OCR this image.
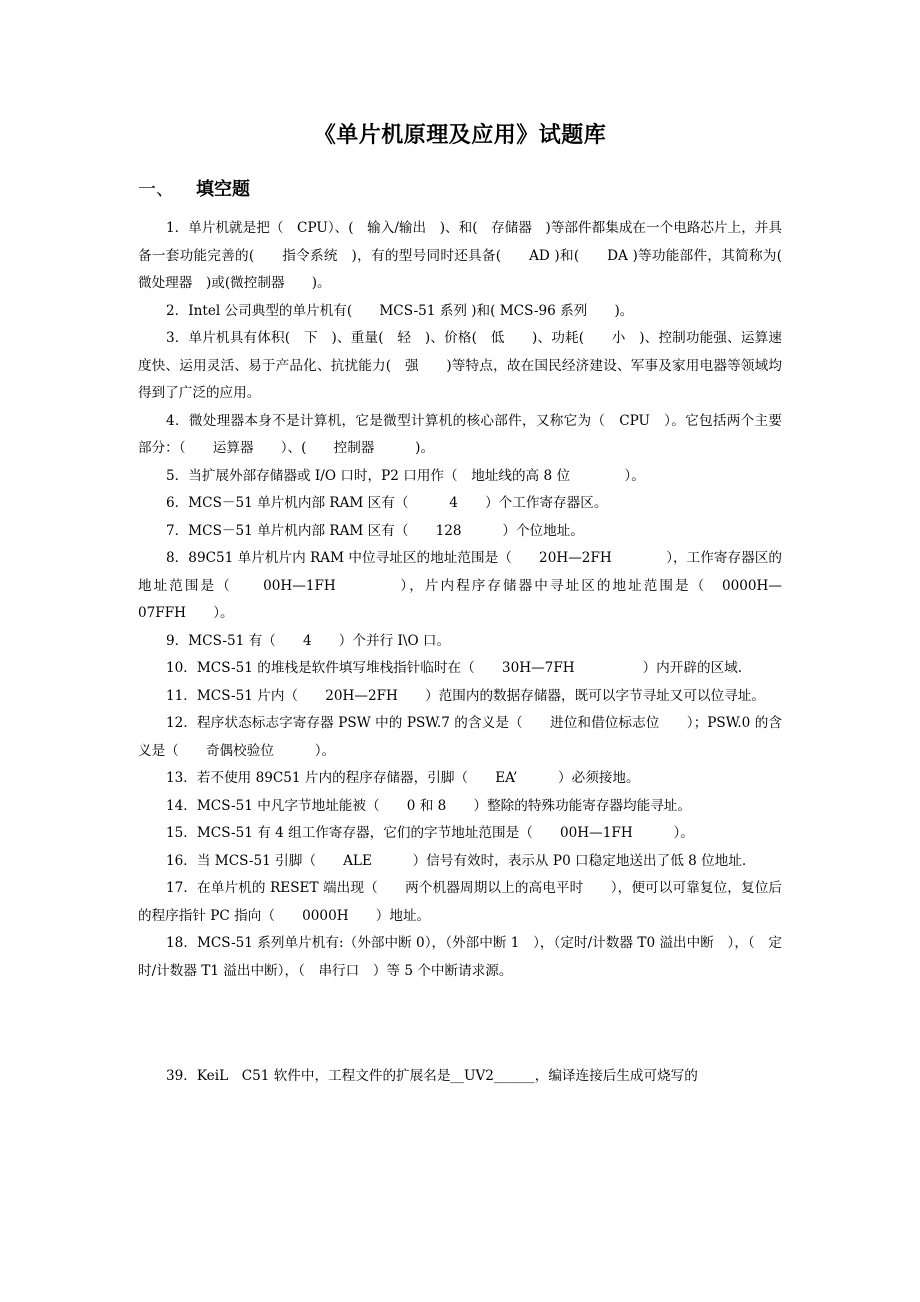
《单片机原理及应用》试题库
一、	填空题

1．单片机就是把（　CPU）、(　输入/输出　)、和(　存储器　)等部件都集成在一个电路芯片上，并具备一套功能完善的(　　指令系统　)，有的型号同时还具备(　　AD )和(　　DA )等功能部件，其简称为(　微处理器　)或(微控制器　　)。

2．Intel 公司典型的单片机有(　　MCS-51 系列 )和( MCS-96 系列　　)。

3．单片机具有体积(　下　)、重量(　轻　)、价格(　低　　)、功耗(　　小　)、控制功能强、运算速度快、运用灵活、易于产品化、抗扰能力(　强　　)等特点，故在国民经济建设、军事及家用电器等领域均得到了广泛的应用。

4．微处理器本身不是计算机，它是微型计算机的核心部件，又称它为（　CPU　）。它包括两个主要部分：（　　运算器　　）、(　　控制器　　　)。

5．当扩展外部存储器或 I/O 口时，P2 口用作（　地址线的高 8 位　　　　）。

6．MCS－51 单片机内部 RAM 区有（　　　4　　）个工作寄存器区。

7．MCS－51 单片机内部 RAM 区有（　　128　　　）个位地址。

8．89C51 单片机片内 RAM 中位寻址区的地址范围是（　　20H—2FH　　　　），工作寄存器区的地址范围是（　　00H—1FH　　　　），片内程序存储器中寻址区的地址范围是（　0000H—07FFH　　）。

9．MCS-51 有（　　4　　）个并行 I\O 口。

10．MCS-51 的堆栈是软件填写堆栈指针临时在（　　30H—7FH　　　　　）内开辟的区域.

11．MCS-51 片内（　　20H—2FH　　）范围内的数据存储器，既可以字节寻址又可以位寻址。

12．程序状态标志字寄存器 PSW 中的 PSW.7 的含义是（　　进位和借位标志位　　）；PSW.0 的含义是（　　奇偶校验位　　　）。

13．若不使用 89C51 片内的程序存储器，引脚（　　EA’　　　）必须接地。

14．MCS-51 中凡字节地址能被（　　0 和 8　　）整除的特殊功能寄存器均能寻址。

15．MCS-51 有 4 组工作寄存器，它们的字节地址范围是（　　00H—1FH　　　）。

16．当 MCS-51 引脚（　　ALE　　　）信号有效时，表示从 P0 口稳定地送出了低 8 位地址.

17．在单片机的 RESET 端出现（　　两个机器周期以上的高电平时　　），便可以可靠复位，复位后的程序指针 PC 指向（　　0000H　　）地址。

18．MCS-51 系列单片机有:（外部中断 0），（外部中断 1　），（定时/计数器 T0 溢出中断　），（　定时/计数器 T1 溢出中断），（　串行口　）等 5 个中断请求源。

39．KeiL　C51 软件中，工程文件的扩展名是__UV2______，编译连接后生成可烧写的
